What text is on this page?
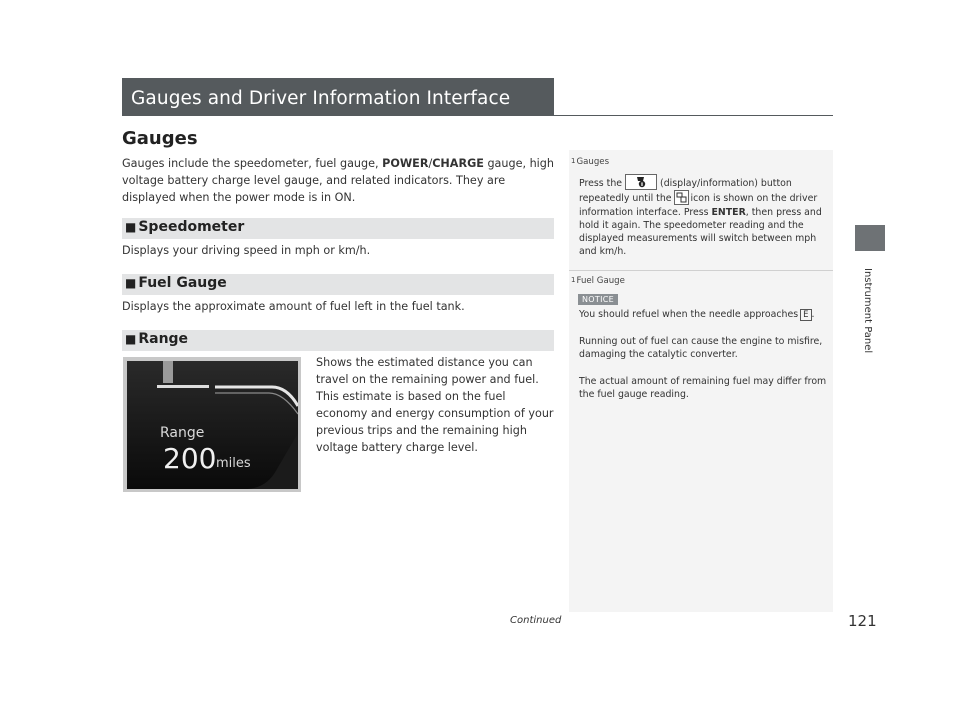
Gauges and Driver Information Interface
Gauges
Gauges include the speedometer, fuel gauge, POWER/CHARGE gauge, high voltage battery charge level gauge, and related indicators. They are displayed when the power mode is in ON.
■ Speedometer
Displays your driving speed in mph or km/h.
■ Fuel Gauge
Displays the approximate amount of fuel left in the fuel tank.
■ Range
Shows the estimated distance you can travel on the remaining power and fuel. This estimate is based on the fuel economy and energy consumption of your previous trips and the remaining high voltage battery charge level.
Range
200 miles
1Gauges
Press the	(display/information) button repeatedly until the icon is shown on the driver information interface. Press ENTER, then press and hold it again. The speedometer reading and the displayed measurements will switch between mph and km/h.
1Fuel Gauge
NOTICE
You should refuel when the needle approaches E .
Running out of fuel can cause the engine to misfire, damaging the catalytic converter.
The actual amount of remaining fuel may differ from the fuel gauge reading.
Instrument Panel
Continued	121
